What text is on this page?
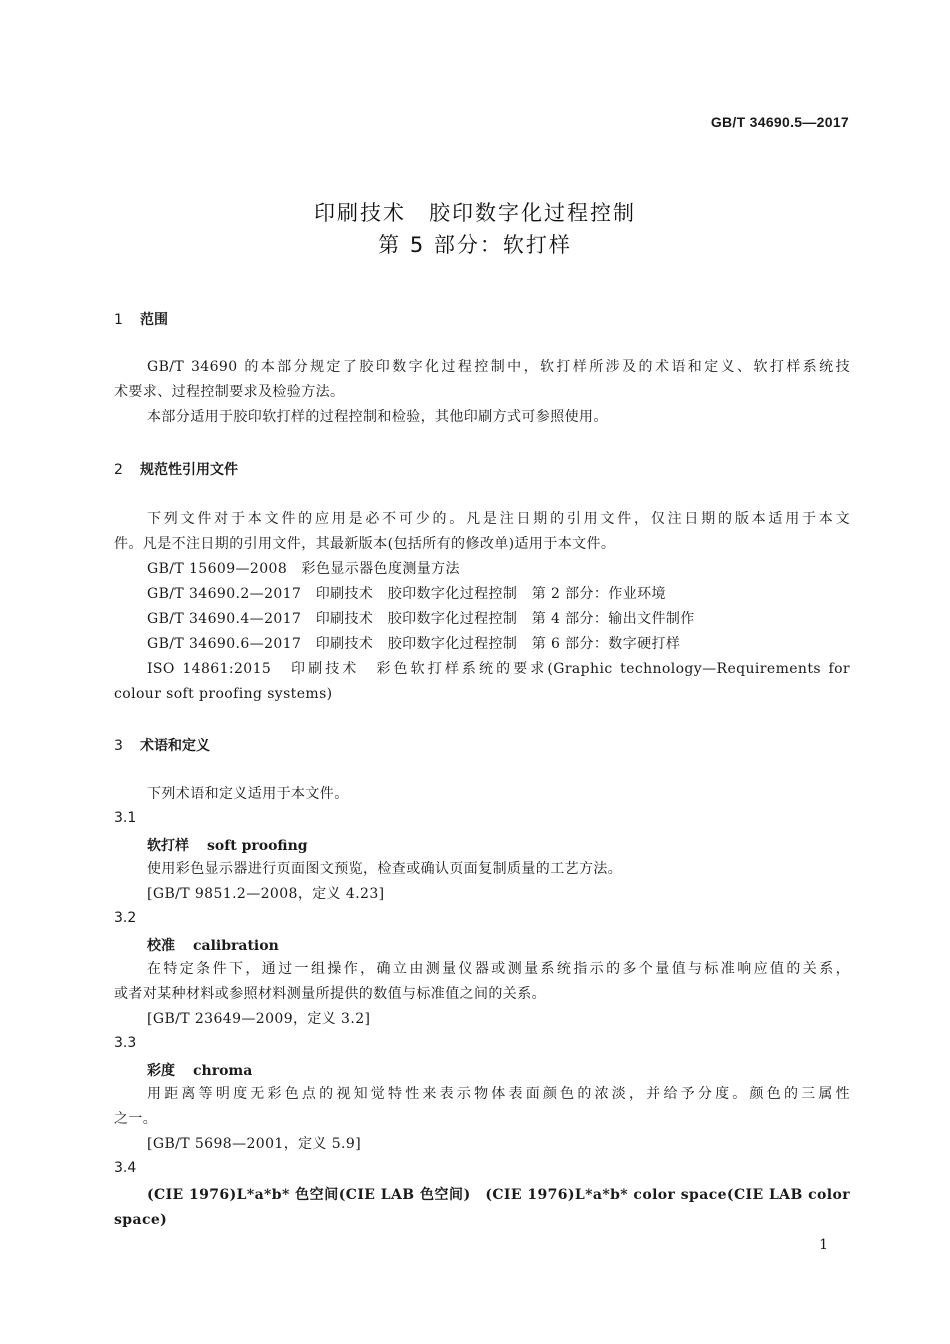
GB/T 34690.5—2017
印刷技术　胶印数字化过程控制
第 5 部分：软打样
1 范围
GB/T 34690 的本部分规定了胶印数字化过程控制中，软打样所涉及的术语和定义、软打样系统技
术要求、过程控制要求及检验方法。
本部分适用于胶印软打样的过程控制和检验，其他印刷方式可参照使用。
2 规范性引用文件
下列文件对于本文件的应用是必不可少的。凡是注日期的引用文件，仅注日期的版本适用于本文
件。凡是不注日期的引用文件，其最新版本(包括所有的修改单)适用于本文件。
GB/T 15609—2008　彩色显示器色度测量方法
GB/T 34690.2—2017　印刷技术　胶印数字化过程控制　第 2 部分：作业环境
GB/T 34690.4—2017　印刷技术　胶印数字化过程控制　第 4 部分：输出文件制作
GB/T 34690.6—2017　印刷技术　胶印数字化过程控制　第 6 部分：数字硬打样
ISO 14861:2015　印刷技术　彩色软打样系统的要求(Graphic technology—Requirements for
colour soft proofing systems)
3 术语和定义
下列术语和定义适用于本文件。
3.1
软打样 soft proofing
使用彩色显示器进行页面图文预览，检查或确认页面复制质量的工艺方法。
[GB/T 9851.2—2008，定义 4.23]
3.2
校准 calibration
在特定条件下，通过一组操作，确立由测量仪器或测量系统指示的多个量值与标准响应值的关系，
或者对某种材料或参照材料测量所提供的数值与标准值之间的关系。
[GB/T 23649—2009，定义 3.2]
3.3
彩度 chroma
用距离等明度无彩色点的视知觉特性来表示物体表面颜色的浓淡，并给予分度。颜色的三属性
之一。
[GB/T 5698—2001，定义 5.9]
3.4
(CIE 1976)L*a*b* 色空间(CIE LAB 色空间)　(CIE 1976)L*a*b* color space(CIE LAB color
space)
1
